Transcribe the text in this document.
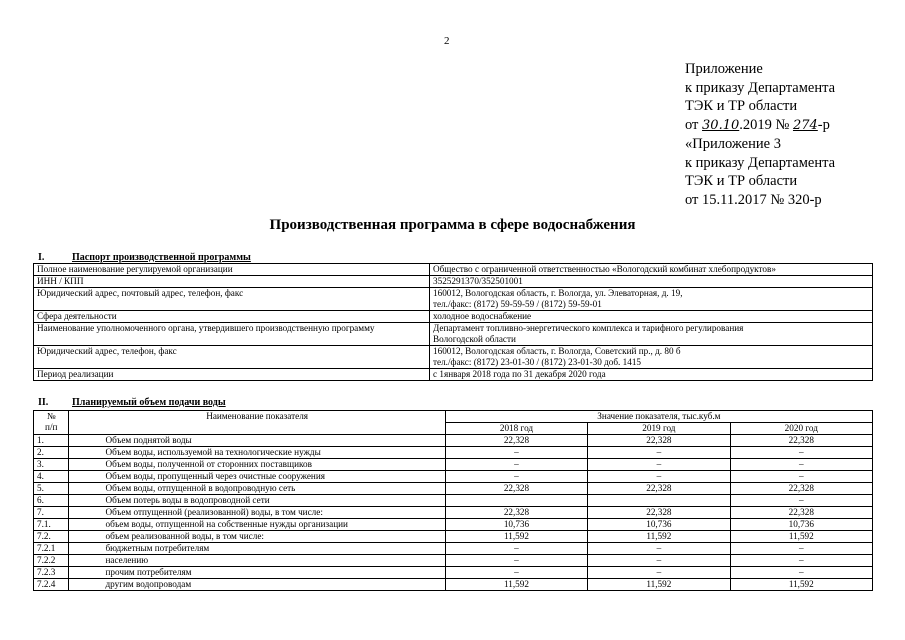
2
Приложение
к приказу Департамента
ТЭК и ТР области
от 30.10.2019 № 274-р
«Приложение 3
к приказу Департамента
ТЭК и ТР области
от 15.11.2017 № 320-р
Производственная программа в сфере водоснабжения
I.	Паспорт производственной программы
Полное наименование регулируемой организации	Общество с ограниченной ответственностью «Вологодский комбинат хлебопродуктов»

ИНН / КПП	3525291370/352501001

Юридический адрес, почтовый адрес, телефон, факс	160012, Вологодская область, г. Вологда, ул. Элеваторная, д. 19,
тел./факс: (8172) 59-59-59 / (8172) 59-59-01

Сфера деятельности	холодное водоснабжение

Наименование уполномоченного органа, утвердившего производственную программу	Департамент топливно-энергетического комплекса и тарифного регулирования
Вологодской области

Юридический адрес, телефон, факс	160012, Вологодская область, г. Вологда, Советский пр., д. 80 б
тел./факс: (8172) 23-01-30 / (8172) 23-01-30 доб. 1415

Период реализации	с 1января 2018 года по 31 декабря 2020 года
II. Планируемый объем подачи воды
№
п/п	Наименование показателя	Значение показателя, тыс.куб.м		
		2018 год	2019 год	2020 год
1.	Объем поднятой воды	22,328	22,328	22,328
2.	Объем воды, используемой на технологические нужды	–	–	–
3.	Объем воды, полученной от сторонних поставщиков	–	–	–
4.	Объем воды, пропущенный через очистные сооружения	–	–	–
5.	Объем воды, отпущенной в водопроводную сеть	22,328	22,328	22,328
6.	Объем потерь воды в водопроводной сети			–
7.	Объем отпущенной (реализованной) воды, в том числе:	22,328	22,328	22,328
7.1.	объем воды, отпущенной на собственные нужды организации	10,736	10,736	10,736
7.2.	объем реализованной воды, в том числе:	11,592	11,592	11,592
7.2.1	бюджетным потребителям	–	–	–
7.2.2	населению	–	–	–
7.2.3	прочим потребителям	–	–	–
7.2.4	другим водопроводам	11,592	11,592	11,592
